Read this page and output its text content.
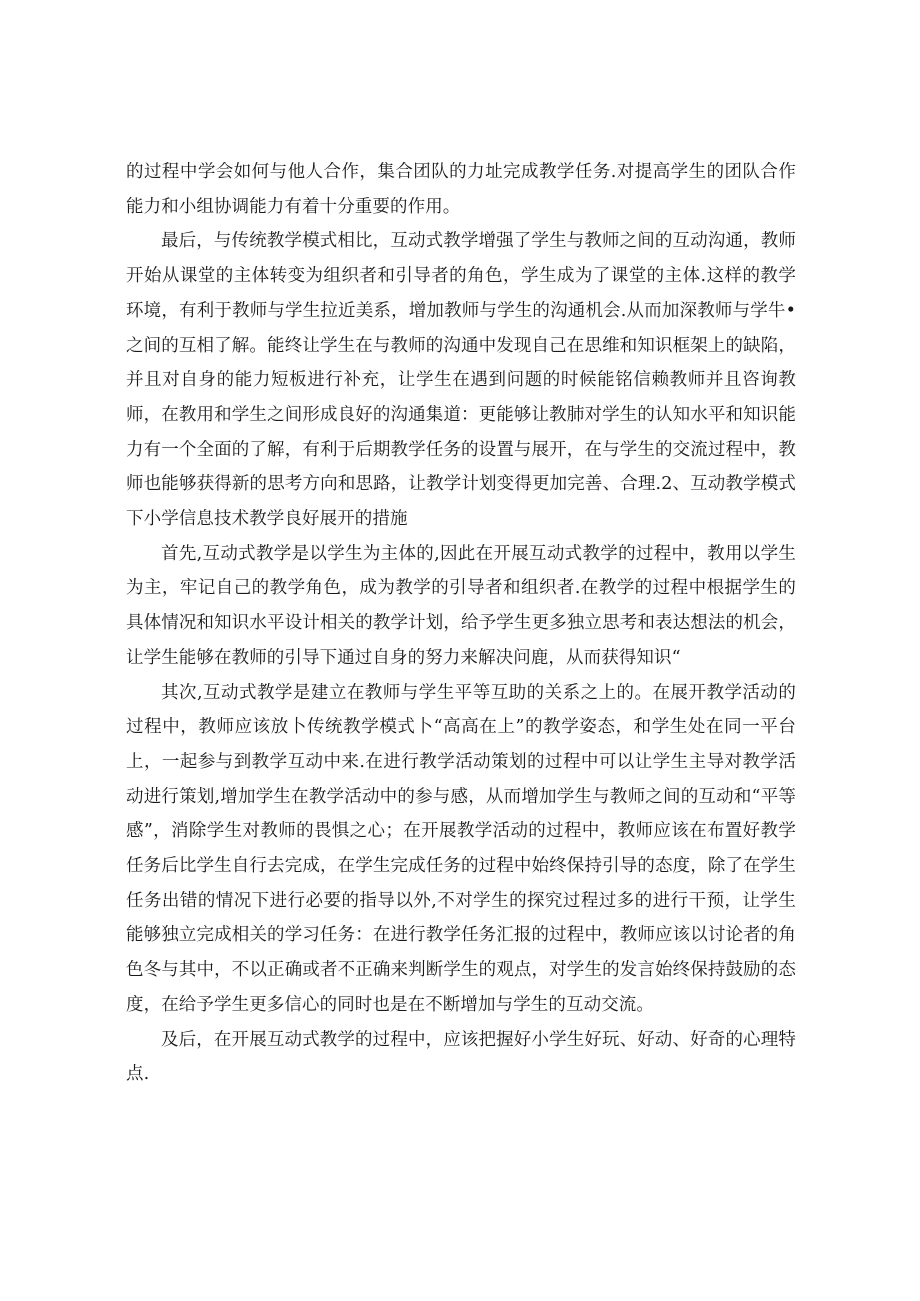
的过程中学会如何与他人合作，集合团队的力址完成教学任务.对提高学生的团队合作能力和小组协调能力有着十分重要的作用。

最后，与传统教学模式相比，互动式教学增强了学生与教师之间的互动沟通，教师开始从课堂的主体转变为组织者和引导者的角色，学生成为了课堂的主体.这样的教学环境，有利于教师与学生拉近美系，增加教师与学生的沟通机会.从而加深教师与学牛•之间的互相了解。能终让学生在与教师的沟通中发现自己在思维和知识框架上的缺陷，并且对自身的能力短板进行补充，让学生在遇到问题的时候能铭信赖教师并且咨询教师，在教用和学生之间形成良好的沟通集道：更能够让教肺对学生的认知水平和知识能力有一个全面的了解，有利于后期教学任务的设置与展开，在与学生的交流过程中，教师也能够获得新的思考方向和思路，让教学计划变得更加完善、合理.2、互动教学模式下小学信息技术教学良好展开的措施

首先,互动式教学是以学生为主体的,因此在开展互动式教学的过程中，教用以学生为主，牢记自己的教学角色，成为教学的引导者和组织者.在教学的过程中根据学生的具体情况和知识水平设计相关的教学计划，给予学生更多独立思考和表达想法的机会，让学生能够在教师的引导下通过自身的努力来解决问鹿，从而获得知识“

其次,互动式教学是建立在教师与学生平等互助的关系之上的。在展开教学活动的过程中，教师应该放卜传统教学模式卜“高高在上”的教学姿态，和学生处在同一平台上，一起参与到教学互动中来.在进行教学活动策划的过程中可以让学生主导对教学活动进行策划,增加学生在教学活动中的参与感，从而增加学生与教师之间的互动和“平等感”，消除学生对教师的畏惧之心；在开展教学活动的过程中，教师应该在布置好教学任务后比学生自行去完成，在学生完成任务的过程中始终保持引导的态度，除了在学生任务出错的情况下进行必要的指导以外,不对学生的探究过程过多的进行干预，让学生能够独立完成相关的学习任务：在进行教学任务汇报的过程中，教师应该以讨论者的角色冬与其中，不以正确或者不正确来判断学生的观点，对学生的发言始终保持鼓励的态度，在给予学生更多信心的同时也是在不断增加与学生的互动交流。

及后，在开展互动式教学的过程中，应该把握好小学生好玩、好动、好奇的心理特点.
